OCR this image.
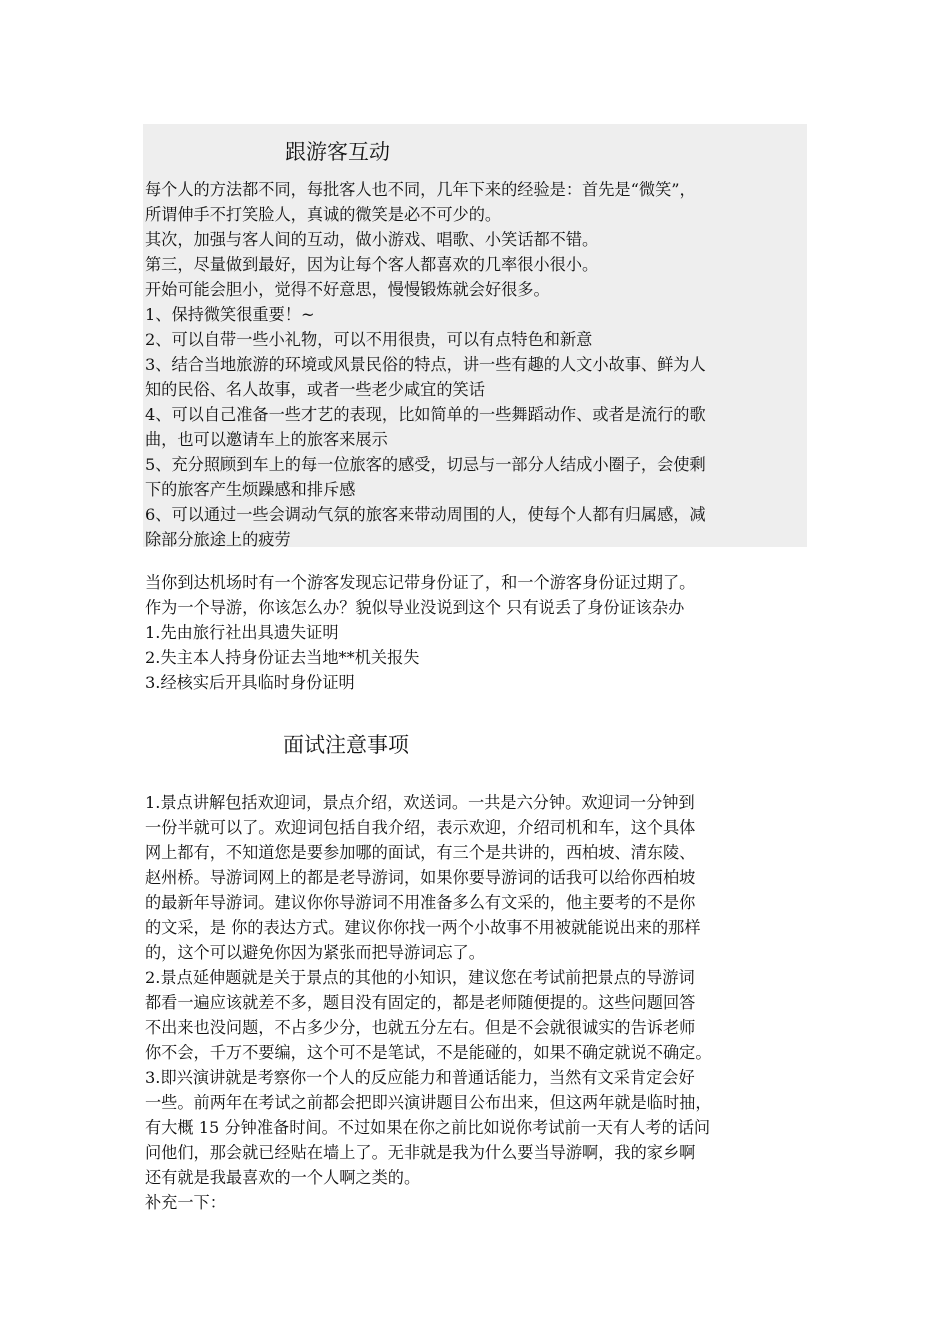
跟游客互动
每个人的方法都不同，每批客人也不同，几年下来的经验是：首先是“微笑”，
所谓伸手不打笑脸人，真诚的微笑是必不可少的。
其次，加强与客人间的互动，做小游戏、唱歌、小笑话都不错。
第三，尽量做到最好，因为让每个客人都喜欢的几率很小很小。
开始可能会胆小，觉得不好意思，慢慢锻炼就会好很多。
1、保持微笑很重要！~
2、可以自带一些小礼物，可以不用很贵，可以有点特色和新意
3、结合当地旅游的环境或风景民俗的特点，讲一些有趣的人文小故事、鲜为人
知的民俗、名人故事，或者一些老少咸宜的笑话
4、可以自己准备一些才艺的表现，比如简单的一些舞蹈动作、或者是流行的歌
曲，也可以邀请车上的旅客来展示
5、充分照顾到车上的每一位旅客的感受，切忌与一部分人结成小圈子，会使剩
下的旅客产生烦躁感和排斥感
6、可以通过一些会调动气氛的旅客来带动周围的人，使每个人都有归属感，减
除部分旅途上的疲劳
当你到达机场时有一个游客发现忘记带身份证了，和一个游客身份证过期了。
作为一个导游，你该怎么办？貌似导业没说到这个 只有说丢了身份证该杂办
1.先由旅行社出具遗失证明
2.失主本人持身份证去当地**机关报失
3.经核实后开具临时身份证明
面试注意事项
1.景点讲解包括欢迎词，景点介绍，欢送词。一共是六分钟。欢迎词一分钟到
一份半就可以了。欢迎词包括自我介绍，表示欢迎，介绍司机和车，这个具体
网上都有，不知道您是要参加哪的面试，有三个是共讲的，西柏坡、清东陵、
赵州桥。导游词网上的都是老导游词，如果你要导游词的话我可以给你西柏坡
的最新年导游词。建议你你导游词不用准备多么有文采的，他主要考的不是你
的文采，是 你的表达方式。建议你你找一两个小故事不用被就能说出来的那样
的，这个可以避免你因为紧张而把导游词忘了。
2.景点延伸题就是关于景点的其他的小知识，建议您在考试前把景点的导游词
都看一遍应该就差不多，题目没有固定的，都是老师随便提的。这些问题回答
不出来也没问题，不占多少分，也就五分左右。但是不会就很诚实的告诉老师
你不会，千万不要编，这个可不是笔试，不是能碰的，如果不确定就说不确定。
3.即兴演讲就是考察你一个人的反应能力和普通话能力，当然有文采肯定会好
一些。前两年在考试之前都会把即兴演讲题目公布出来，但这两年就是临时抽，
有大概 15 分钟准备时间。不过如果在你之前比如说你考试前一天有人考的话问
问他们，那会就已经贴在墙上了。无非就是我为什么要当导游啊，我的家乡啊
还有就是我最喜欢的一个人啊之类的。
补充一下：
